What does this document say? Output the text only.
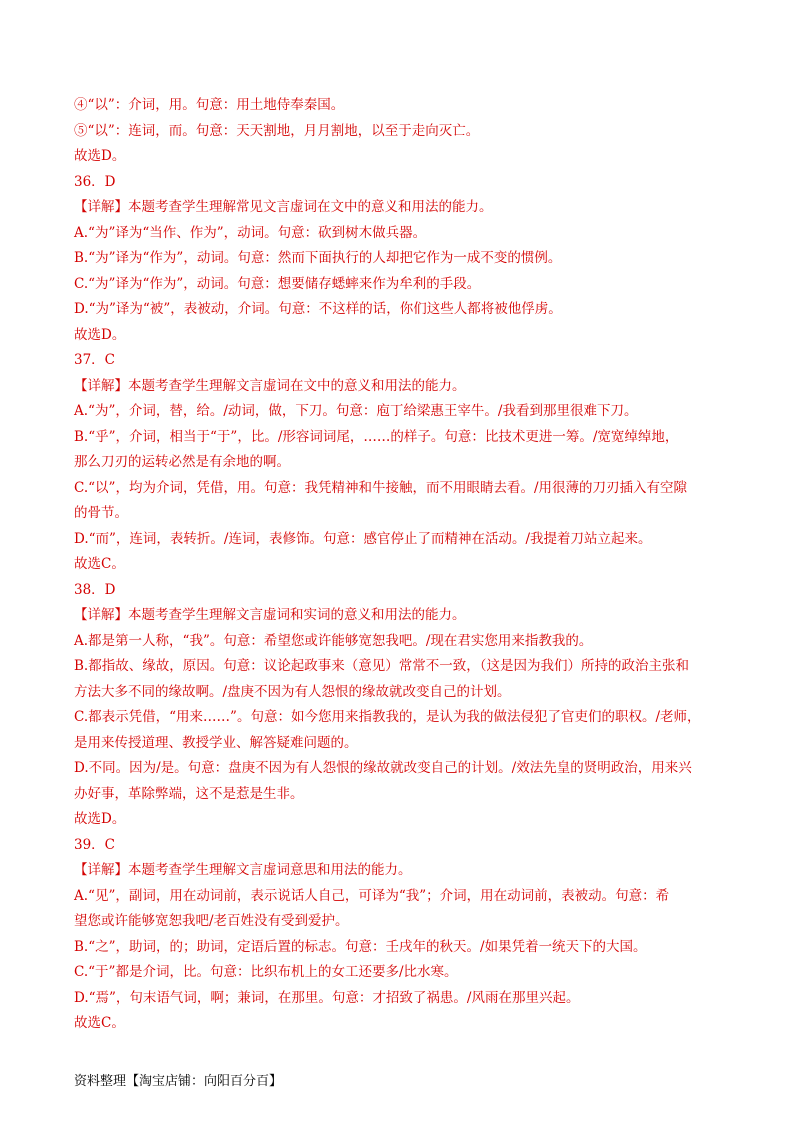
④“以”：介词，用。句意：用土地侍奉秦国。
⑤“以”：连词，而。句意：天天割地，月月割地，以至于走向灭亡。
故选D。
36．D
【详解】本题考查学生理解常见文言虚词在文中的意义和用法的能力。
A.“为”译为“当作、作为”，动词。句意：砍到树木做兵器。
B.“为”译为“作为”，动词。句意：然而下面执行的人却把它作为一成不变的惯例。
C.“为”译为“作为”，动词。句意：想要储存蟋蟀来作为牟利的手段。
D.“为”译为“被”，表被动，介词。句意：不这样的话，你们这些人都将被他俘虏。
故选D。
37．C
【详解】本题考查学生理解文言虚词在文中的意义和用法的能力。
A.“为”，介词，替，给。/动词，做，下刀。句意：庖丁给梁惠王宰牛。/我看到那里很难下刀。
B.“乎”，介词，相当于“于”，比。/形容词词尾，……的样子。句意：比技术更进一筹。/宽宽绰绰地，
那么刀刃的运转必然是有余地的啊。
C.“以”，均为介词，凭借，用。句意：我凭精神和牛接触，而不用眼睛去看。/用很薄的刀刃插入有空隙
的骨节。
D.“而”，连词，表转折。/连词，表修饰。句意：感官停止了而精神在活动。/我提着刀站立起来。
故选C。
38．D
【详解】本题考查学生理解文言虚词和实词的意义和用法的能力。
A.都是第一人称，“我”。句意：希望您或许能够宽恕我吧。/现在君实您用来指教我的。
B.都指故、缘故，原因。句意：议论起政事来（意见）常常不一致，（这是因为我们）所持的政治主张和
方法大多不同的缘故啊。/盘庚不因为有人怨恨的缘故就改变自己的计划。
C.都表示凭借，“用来……”。句意：如今您用来指教我的，是认为我的做法侵犯了官吏们的职权。/老师，
是用来传授道理、教授学业、解答疑难问题的。
D.不同。因为/是。句意：盘庚不因为有人怨恨的缘故就改变自己的计划。/效法先皇的贤明政治，用来兴
办好事，革除弊端，这不是惹是生非。
故选D。
39．C
【详解】本题考查学生理解文言虚词意思和用法的能力。
A.“见”，副词，用在动词前，表示说话人自己，可译为“我”；介词，用在动词前，表被动。句意：希
望您或许能够宽恕我吧/老百姓没有受到爱护。
B.“之”，助词，的；助词，定语后置的标志。句意：壬戌年的秋天。/如果凭着一统天下的大国。
C.“于”都是介词，比。句意：比织布机上的女工还要多/比水寒。
D.“焉”，句末语气词，啊；兼词，在那里。句意：才招致了祸患。/风雨在那里兴起。
故选C。
资料整理【淘宝店铺：向阳百分百】
